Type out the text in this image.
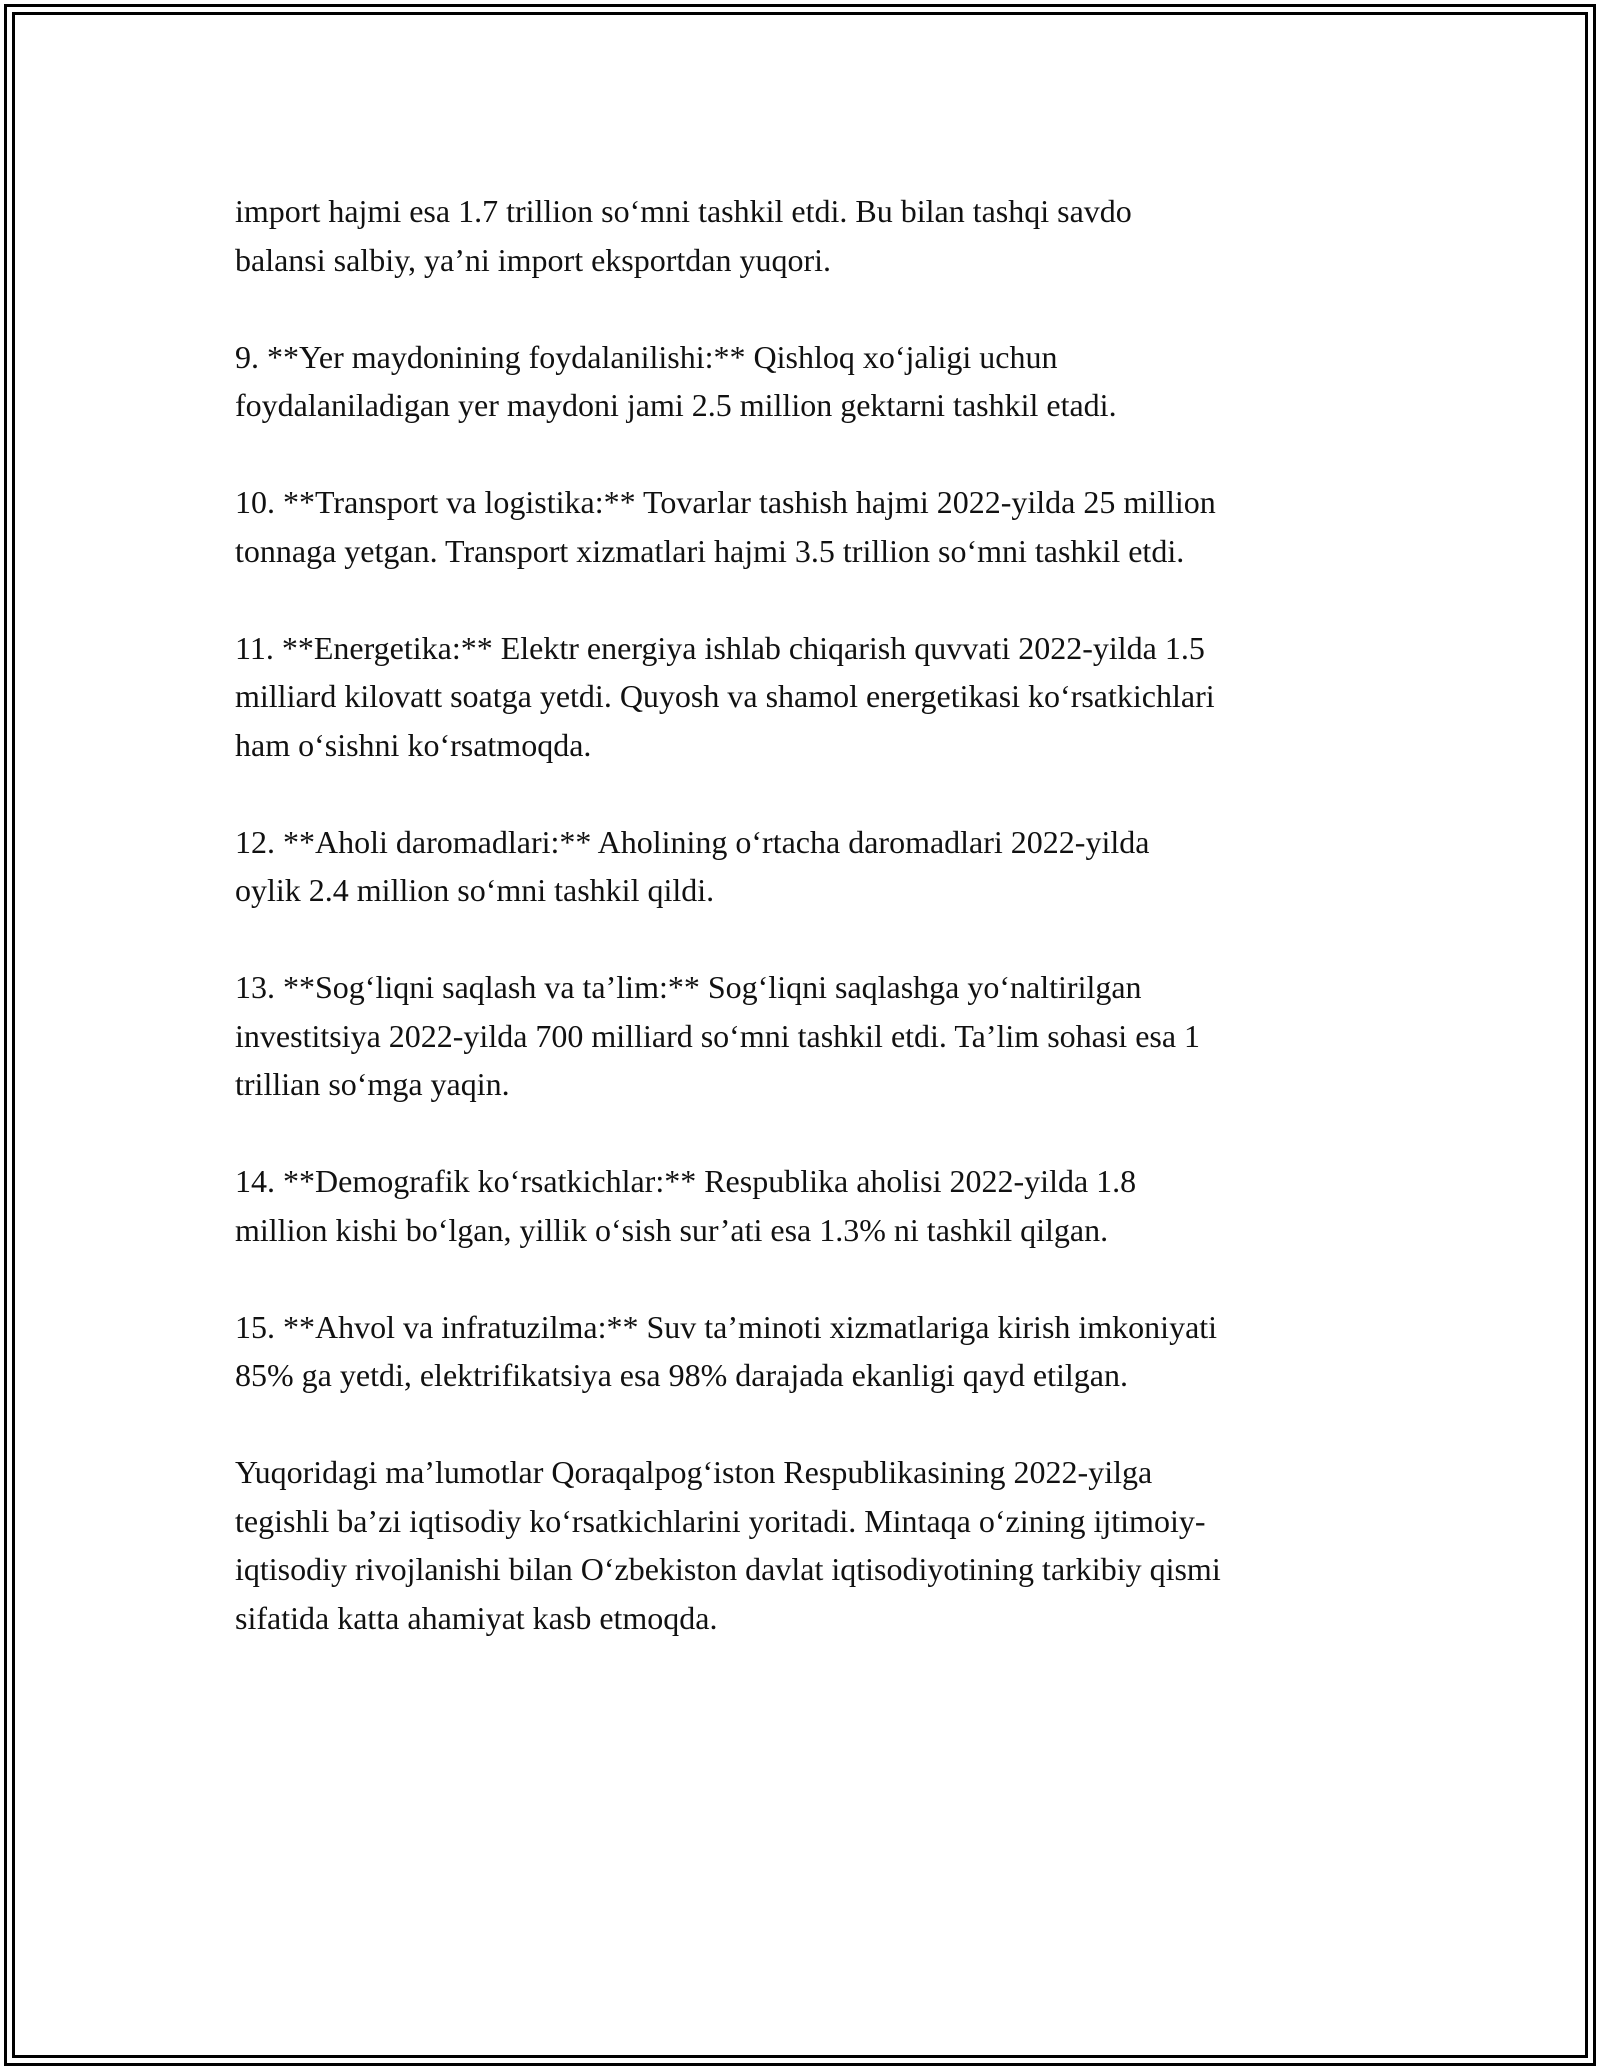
import hajmi esa 1.7 trillion so‘mni tashkil etdi. Bu bilan tashqi savdo
balansi salbiy, ya’ni import eksportdan yuqori.

9. **Yer maydonining foydalanilishi:** Qishloq xo‘jaligi uchun
foydalaniladigan yer maydoni jami 2.5 million gektarni tashkil etadi.

10. **Transport va logistika:** Tovarlar tashish hajmi 2022-yilda 25 million
tonnaga yetgan. Transport xizmatlari hajmi 3.5 trillion so‘mni tashkil etdi.

11. **Energetika:** Elektr energiya ishlab chiqarish quvvati 2022-yilda 1.5
milliard kilovatt soatga yetdi. Quyosh va shamol energetikasi ko‘rsatkichlari
ham o‘sishni ko‘rsatmoqda.

12. **Aholi daromadlari:** Aholining o‘rtacha daromadlari 2022-yilda
oylik 2.4 million so‘mni tashkil qildi.

13. **Sog‘liqni saqlash va ta’lim:** Sog‘liqni saqlashga yo‘naltirilgan
investitsiya 2022-yilda 700 milliard so‘mni tashkil etdi. Ta’lim sohasi esa 1
trillian so‘mga yaqin.

14. **Demografik ko‘rsatkichlar:** Respublika aholisi 2022-yilda 1.8
million kishi bo‘lgan, yillik o‘sish sur’ati esa 1.3% ni tashkil qilgan.

15. **Ahvol va infratuzilma:** Suv ta’minoti xizmatlariga kirish imkoniyati
85% ga yetdi, elektrifikatsiya esa 98% darajada ekanligi qayd etilgan.

Yuqoridagi ma’lumotlar Qoraqalpog‘iston Respublikasining 2022-yilga
tegishli ba’zi iqtisodiy ko‘rsatkichlarini yoritadi. Mintaqa o‘zining ijtimoiy-
iqtisodiy rivojlanishi bilan O‘zbekiston davlat iqtisodiyotining tarkibiy qismi
sifatida katta ahamiyat kasb etmoqda.
